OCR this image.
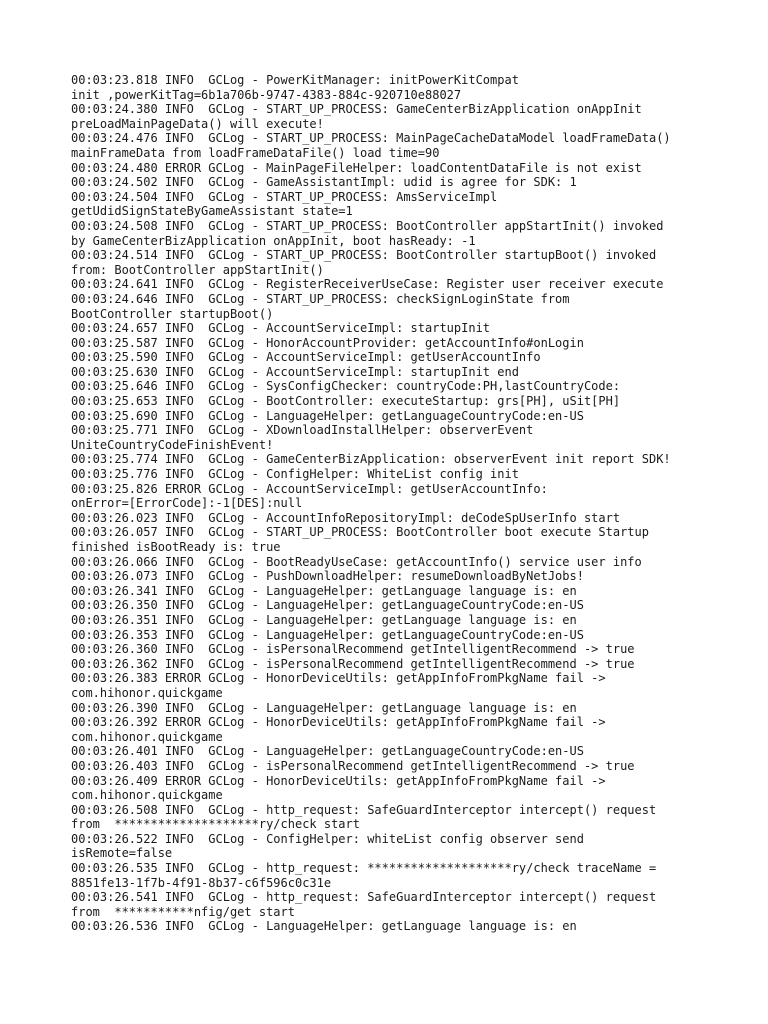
00:03:23.818 INFO  GCLog - PowerKitManager: initPowerKitCompat
init ,powerKitTag=6b1a706b-9747-4383-884c-920710e88027
00:03:24.380 INFO  GCLog - START_UP_PROCESS: GameCenterBizApplication onAppInit
preLoadMainPageData() will execute!
00:03:24.476 INFO  GCLog - START_UP_PROCESS: MainPageCacheDataModel loadFrameData()
mainFrameData from loadFrameDataFile() load time=90
00:03:24.480 ERROR GCLog - MainPageFileHelper: loadContentDataFile is not exist
00:03:24.502 INFO  GCLog - GameAssistantImpl: udid is agree for SDK: 1
00:03:24.504 INFO  GCLog - START_UP_PROCESS: AmsServiceImpl
getUdidSignStateByGameAssistant state=1
00:03:24.508 INFO  GCLog - START_UP_PROCESS: BootController appStartInit() invoked
by GameCenterBizApplication onAppInit, boot hasReady: -1
00:03:24.514 INFO  GCLog - START_UP_PROCESS: BootController startupBoot() invoked
from: BootController appStartInit()
00:03:24.641 INFO  GCLog - RegisterReceiverUseCase: Register user receiver execute
00:03:24.646 INFO  GCLog - START_UP_PROCESS: checkSignLoginState from
BootController startupBoot()
00:03:24.657 INFO  GCLog - AccountServiceImpl: startupInit
00:03:25.587 INFO  GCLog - HonorAccountProvider: getAccountInfo#onLogin
00:03:25.590 INFO  GCLog - AccountServiceImpl: getUserAccountInfo
00:03:25.630 INFO  GCLog - AccountServiceImpl: startupInit end
00:03:25.646 INFO  GCLog - SysConfigChecker: countryCode:PH,lastCountryCode:
00:03:25.653 INFO  GCLog - BootController: executeStartup: grs[PH], uSit[PH]
00:03:25.690 INFO  GCLog - LanguageHelper: getLanguageCountryCode:en-US
00:03:25.771 INFO  GCLog - XDownloadInstallHelper: observerEvent
UniteCountryCodeFinishEvent!
00:03:25.774 INFO  GCLog - GameCenterBizApplication: observerEvent init report SDK!
00:03:25.776 INFO  GCLog - ConfigHelper: WhiteList config init
00:03:25.826 ERROR GCLog - AccountServiceImpl: getUserAccountInfo:
onError=[ErrorCode]:-1[DES]:null
00:03:26.023 INFO  GCLog - AccountInfoRepositoryImpl: deCodeSpUserInfo start
00:03:26.057 INFO  GCLog - START_UP_PROCESS: BootController boot execute Startup
finished isBootReady is: true
00:03:26.066 INFO  GCLog - BootReadyUseCase: getAccountInfo() service user info
00:03:26.073 INFO  GCLog - PushDownloadHelper: resumeDownloadByNetJobs!
00:03:26.341 INFO  GCLog - LanguageHelper: getLanguage language is: en
00:03:26.350 INFO  GCLog - LanguageHelper: getLanguageCountryCode:en-US
00:03:26.351 INFO  GCLog - LanguageHelper: getLanguage language is: en
00:03:26.353 INFO  GCLog - LanguageHelper: getLanguageCountryCode:en-US
00:03:26.360 INFO  GCLog - isPersonalRecommend getIntelligentRecommend -> true
00:03:26.362 INFO  GCLog - isPersonalRecommend getIntelligentRecommend -> true
00:03:26.383 ERROR GCLog - HonorDeviceUtils: getAppInfoFromPkgName fail ->
com.hihonor.quickgame
00:03:26.390 INFO  GCLog - LanguageHelper: getLanguage language is: en
00:03:26.392 ERROR GCLog - HonorDeviceUtils: getAppInfoFromPkgName fail ->
com.hihonor.quickgame
00:03:26.401 INFO  GCLog - LanguageHelper: getLanguageCountryCode:en-US
00:03:26.403 INFO  GCLog - isPersonalRecommend getIntelligentRecommend -> true
00:03:26.409 ERROR GCLog - HonorDeviceUtils: getAppInfoFromPkgName fail ->
com.hihonor.quickgame
00:03:26.508 INFO  GCLog - http_request: SafeGuardInterceptor intercept() request
from  ********************ry/check start
00:03:26.522 INFO  GCLog - ConfigHelper: whiteList config observer send
isRemote=false
00:03:26.535 INFO  GCLog - http_request: ********************ry/check traceName =
8851fe13-1f7b-4f91-8b37-c6f596c0c31e
00:03:26.541 INFO  GCLog - http_request: SafeGuardInterceptor intercept() request
from  ***********nfig/get start
00:03:26.536 INFO  GCLog - LanguageHelper: getLanguage language is: en
